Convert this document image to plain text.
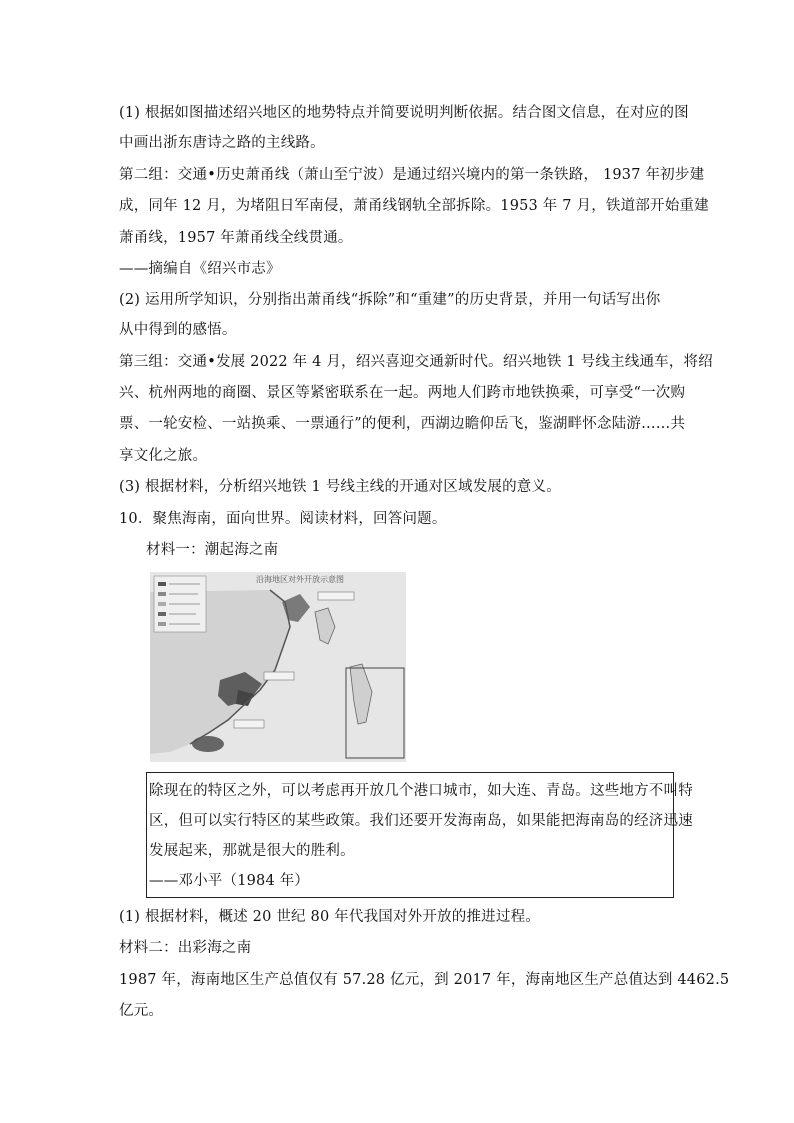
(1) 根据如图描述绍兴地区的地势特点并简要说明判断依据。结合图文信息，在对应的图
中画出浙东唐诗之路的主线路。
第二组：交通•历史萧甬线（萧山至宁波）是通过绍兴境内的第一条铁路， 1937 年初步建
成，同年 12 月，为堵阻日军南侵，萧甬线钢轨全部拆除。1953 年 7 月，铁道部开始重建
萧甬线，1957 年萧甬线全线贯通。
——摘编自《绍兴市志》
(2) 运用所学知识，分别指出萧甬线“拆除”和“重建”的历史背景，并用一句话写出你
从中得到的感悟。
第三组：交通•发展 2022 年 4 月，绍兴喜迎交通新时代。绍兴地铁 1 号线主线通车，将绍
兴、杭州两地的商圈、景区等紧密联系在一起。两地人们跨市地铁换乘，可享受“一次购
票、一轮安检、一站换乘、一票通行”的便利，西湖边瞻仰岳飞，鉴湖畔怀念陆游……共
享文化之旅。
(3) 根据材料，分析绍兴地铁 1 号线主线的开通对区域发展的意义。
10．聚焦海南，面向世界。阅读材料，回答问题。
材料一：潮起海之南
沿海地区对外开放示意图
除现在的特区之外，可以考虑再开放几个港口城市，如大连、青岛。这些地方不叫特
区，但可以实行特区的某些政策。我们还要开发海南岛，如果能把海南岛的经济迅速
发展起来，那就是很大的胜利。
——邓小平（1984 年）
(1) 根据材料，概述 20 世纪 80 年代我国对外开放的推进过程。
材料二：出彩海之南
1987 年，海南地区生产总值仅有 57.28 亿元，到 2017 年，海南地区生产总值达到 4462.5
亿元。
